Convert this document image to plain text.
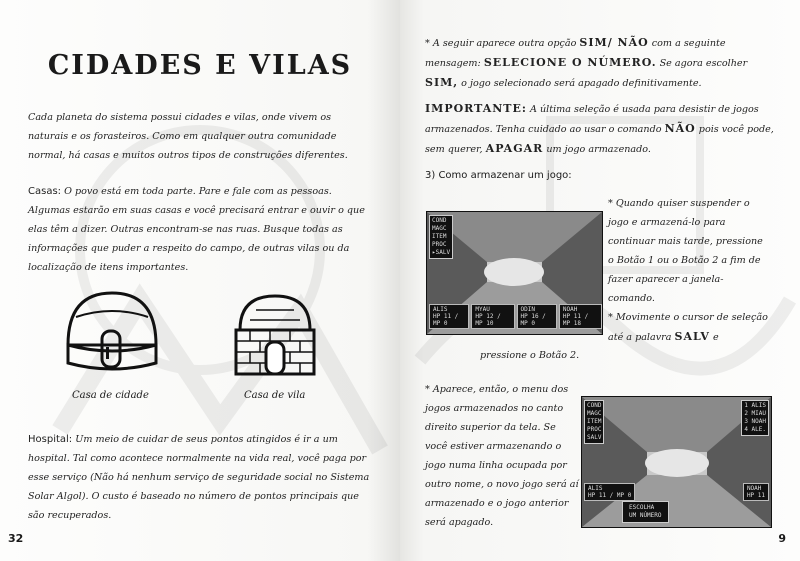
CIDADES E VILAS
Cada planeta do sistema possui cidades e vilas, onde vivem os naturais e os forasteiros. Como em qualquer outra comunidade normal, há casas e muitos outros tipos de construções diferentes.
Casas: O povo está em toda parte. Pare e fale com as pessoas. Algumas estarão em suas casas e você precisará entrar e ouvir o que elas têm a dizer. Outras encontram-se nas ruas. Busque todas as informações que puder a respeito do campo, de outras vilas ou da localização de itens importantes.
Casa de cidade	Casa de vila
Hospital: Um meio de cuidar de seus pontos atingidos é ir a um hospital. Tal como acontece normalmente na vida real, você paga por esse serviço (Não há nenhum serviço de seguridade social no Sistema Solar Algol). O custo é baseado no número de pontos principais que são recuperados.
32
* A seguir aparece outra opção SIM/ NÃO com a seguinte mensagem: SELECIONE O NÚMERO. Se agora escolher SIM, o jogo selecionado será apagado definitivamente.
IMPORTANTE: A última seleção é usada para desistir de jogos armazenados. Tenha cuidado ao usar o comando NÃO pois você pode, sem querer, APAGAR um jogo armazenado.
3) Como armazenar um jogo:
COND
MAGC
ITEM
PROC
▸SALV
ALIS
HP 11 / MP 0
MYAU
HP 12 / MP 10
ODIN
HP 16 / MP 0
NOAH
HP 11 / MP 18
* Quando quiser suspender o jogo e armazená-lo para continuar mais tarde, pressione o Botão 1 ou o Botão 2 a fim de fazer aparecer a janela-comando.
* Movimente o cursor de seleção até a palavra SALV e
pressione o Botão 2.
* Aparece, então, o menu dos jogos armazenados no canto direito superior da tela. Se você estiver armazenando o jogo numa linha ocupada por outro nome, o novo jogo será aí armazenado e o jogo anterior será apagado.
COND
MAGC
ITEM
PROC
SALV
1 ALIS
2 MIAU
3 NOAH
4 ALE.
ALIS
HP 11 / MP 0
NOAH
HP 11
ESCOLHA
UM NÚMERO
9
